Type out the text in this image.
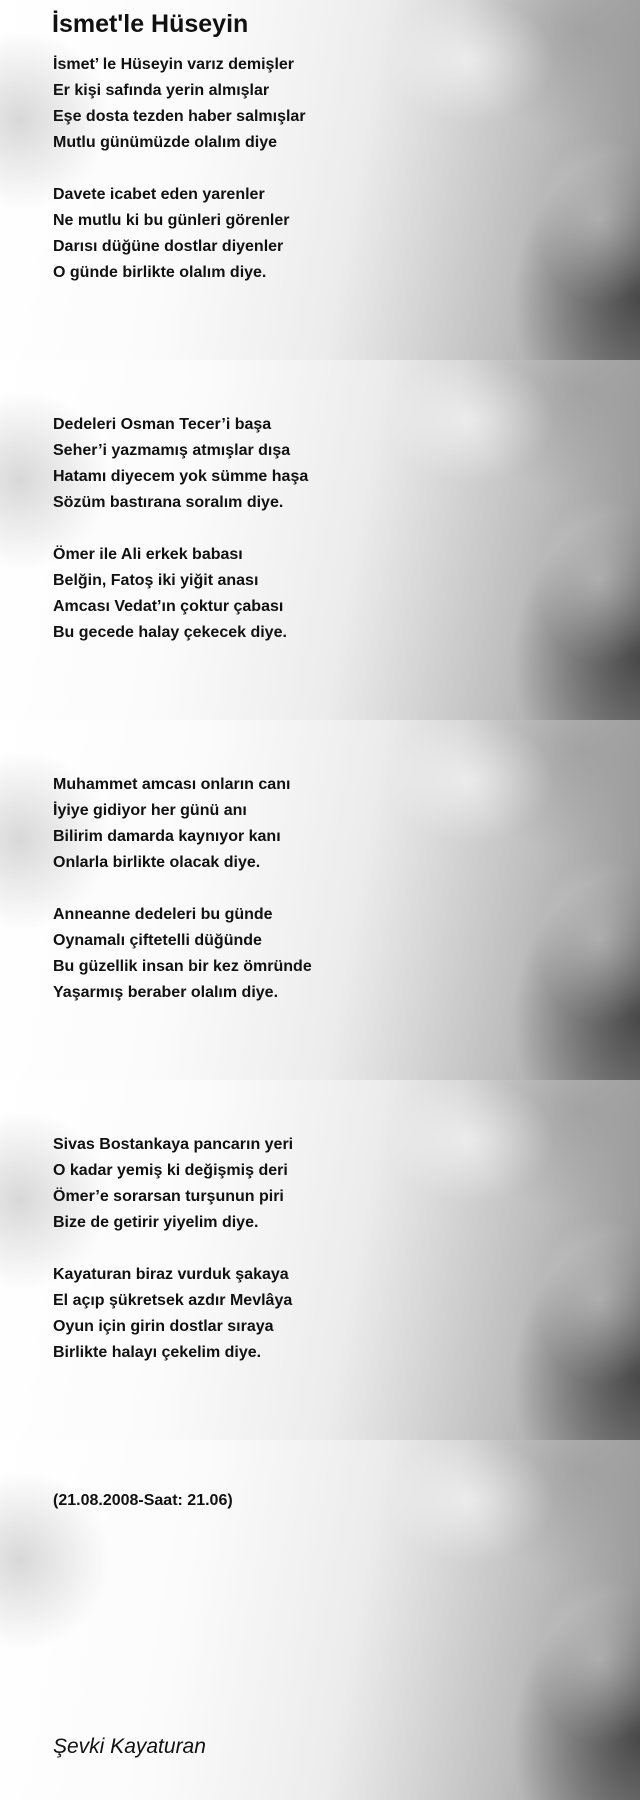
İsmet'le Hüseyin
İsmet’ le Hüseyin varız demişler
Er kişi safında yerin almışlar
Eşe dosta tezden haber salmışlar
Mutlu günümüzde olalım diye
Davete icabet eden yarenler
Ne mutlu ki bu günleri görenler
Darısı düğüne dostlar diyenler
O günde birlikte olalım diye.
Dedeleri Osman Tecer’i başa
Seher’i yazmamış atmışlar dışa
Hatamı diyecem yok sümme haşa
Sözüm bastırana soralım diye.
Ömer ile Ali erkek babası
Belğin, Fatoş iki yiğit anası
Amcası Vedat’ın çoktur çabası
Bu gecede halay çekecek diye.
Muhammet amcası onların canı
İyiye gidiyor her günü anı
Bilirim damarda kaynıyor kanı
Onlarla birlikte olacak diye.
Anneanne dedeleri bu günde
Oynamalı çiftetelli düğünde
Bu güzellik insan bir kez ömründe
Yaşarmış beraber olalım diye.
Sivas Bostankaya pancarın yeri
O kadar yemiş ki değişmiş deri
Ömer’e sorarsan turşunun piri
Bize de getirir yiyelim diye.
Kayaturan biraz vurduk şakaya
El açıp şükretsek azdır Mevlâya
Oyun için girin dostlar sıraya
Birlikte halayı çekelim diye.
(21.08.2008-Saat: 21.06)
Şevki Kayaturan
